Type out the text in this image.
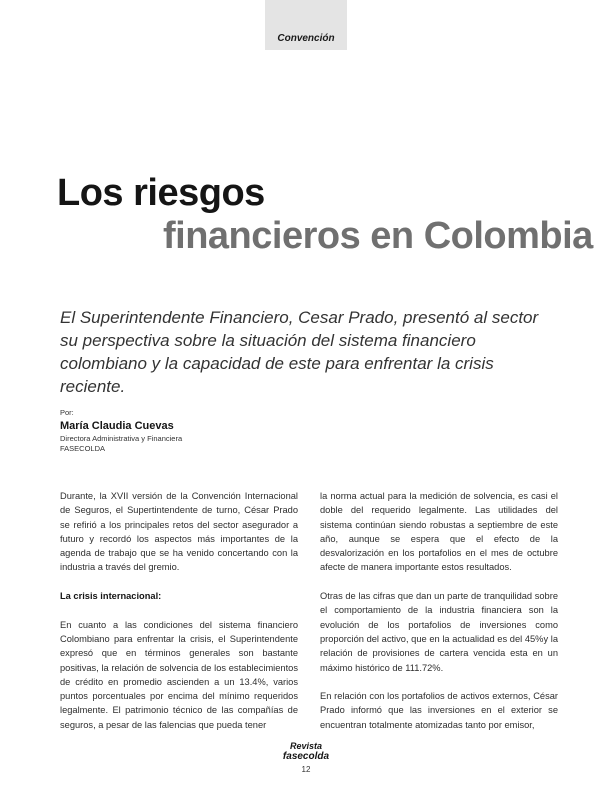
Convención
Los riesgos
financieros en Colombia

El Superintendente Financiero, Cesar Prado, presentó al sector su perspectiva sobre la situación del sistema financiero colombiano y la capacidad de este para enfrentar la crisis reciente.

Por:
María Claudia Cuevas
Directora Administrativa y Financiera
FASECOLDA

Durante, la XVII versión de la Convención Internacional de Seguros, el Supertintendente de turno, César Prado se refirió a los principales retos del sector asegurador a futuro y recordó los aspectos más importantes de la agenda de trabajo que se ha venido concertando con la industria a través del gremio.

La crisis internacional:

En cuanto a las condiciones del sistema financiero Colombiano para enfrentar la crisis, el Superintendente expresó que en términos generales son bastante positivas, la relación de solvencia de los establecimientos de crédito en promedio ascienden a un 13.4%, varios puntos porcentuales por encima del mínimo requeridos legalmente. El patrimonio técnico de las compañías de seguros, a pesar de las falencias que pueda tener

la norma actual para la medición de solvencia, es casi el doble del requerido legalmente. Las utilidades del sistema continúan siendo robustas a septiembre de este año, aunque se espera que el efecto de la desvalorización en los portafolios en el mes de octubre afecte de manera importante estos resultados.

Otras de las cifras que dan un parte de tranquilidad sobre el comportamiento de la industria financiera son la evolución de los portafolios de inversiones como proporción del activo, que en la actualidad es del 45%y la relación de provisiones de cartera vencida esta en un máximo histórico de 111.72%.

En relación con los portafolios de activos externos, César Prado informó que las inversiones en el exterior se encuentran totalmente atomizadas tanto por emisor,

Revista
fasecolda
12
